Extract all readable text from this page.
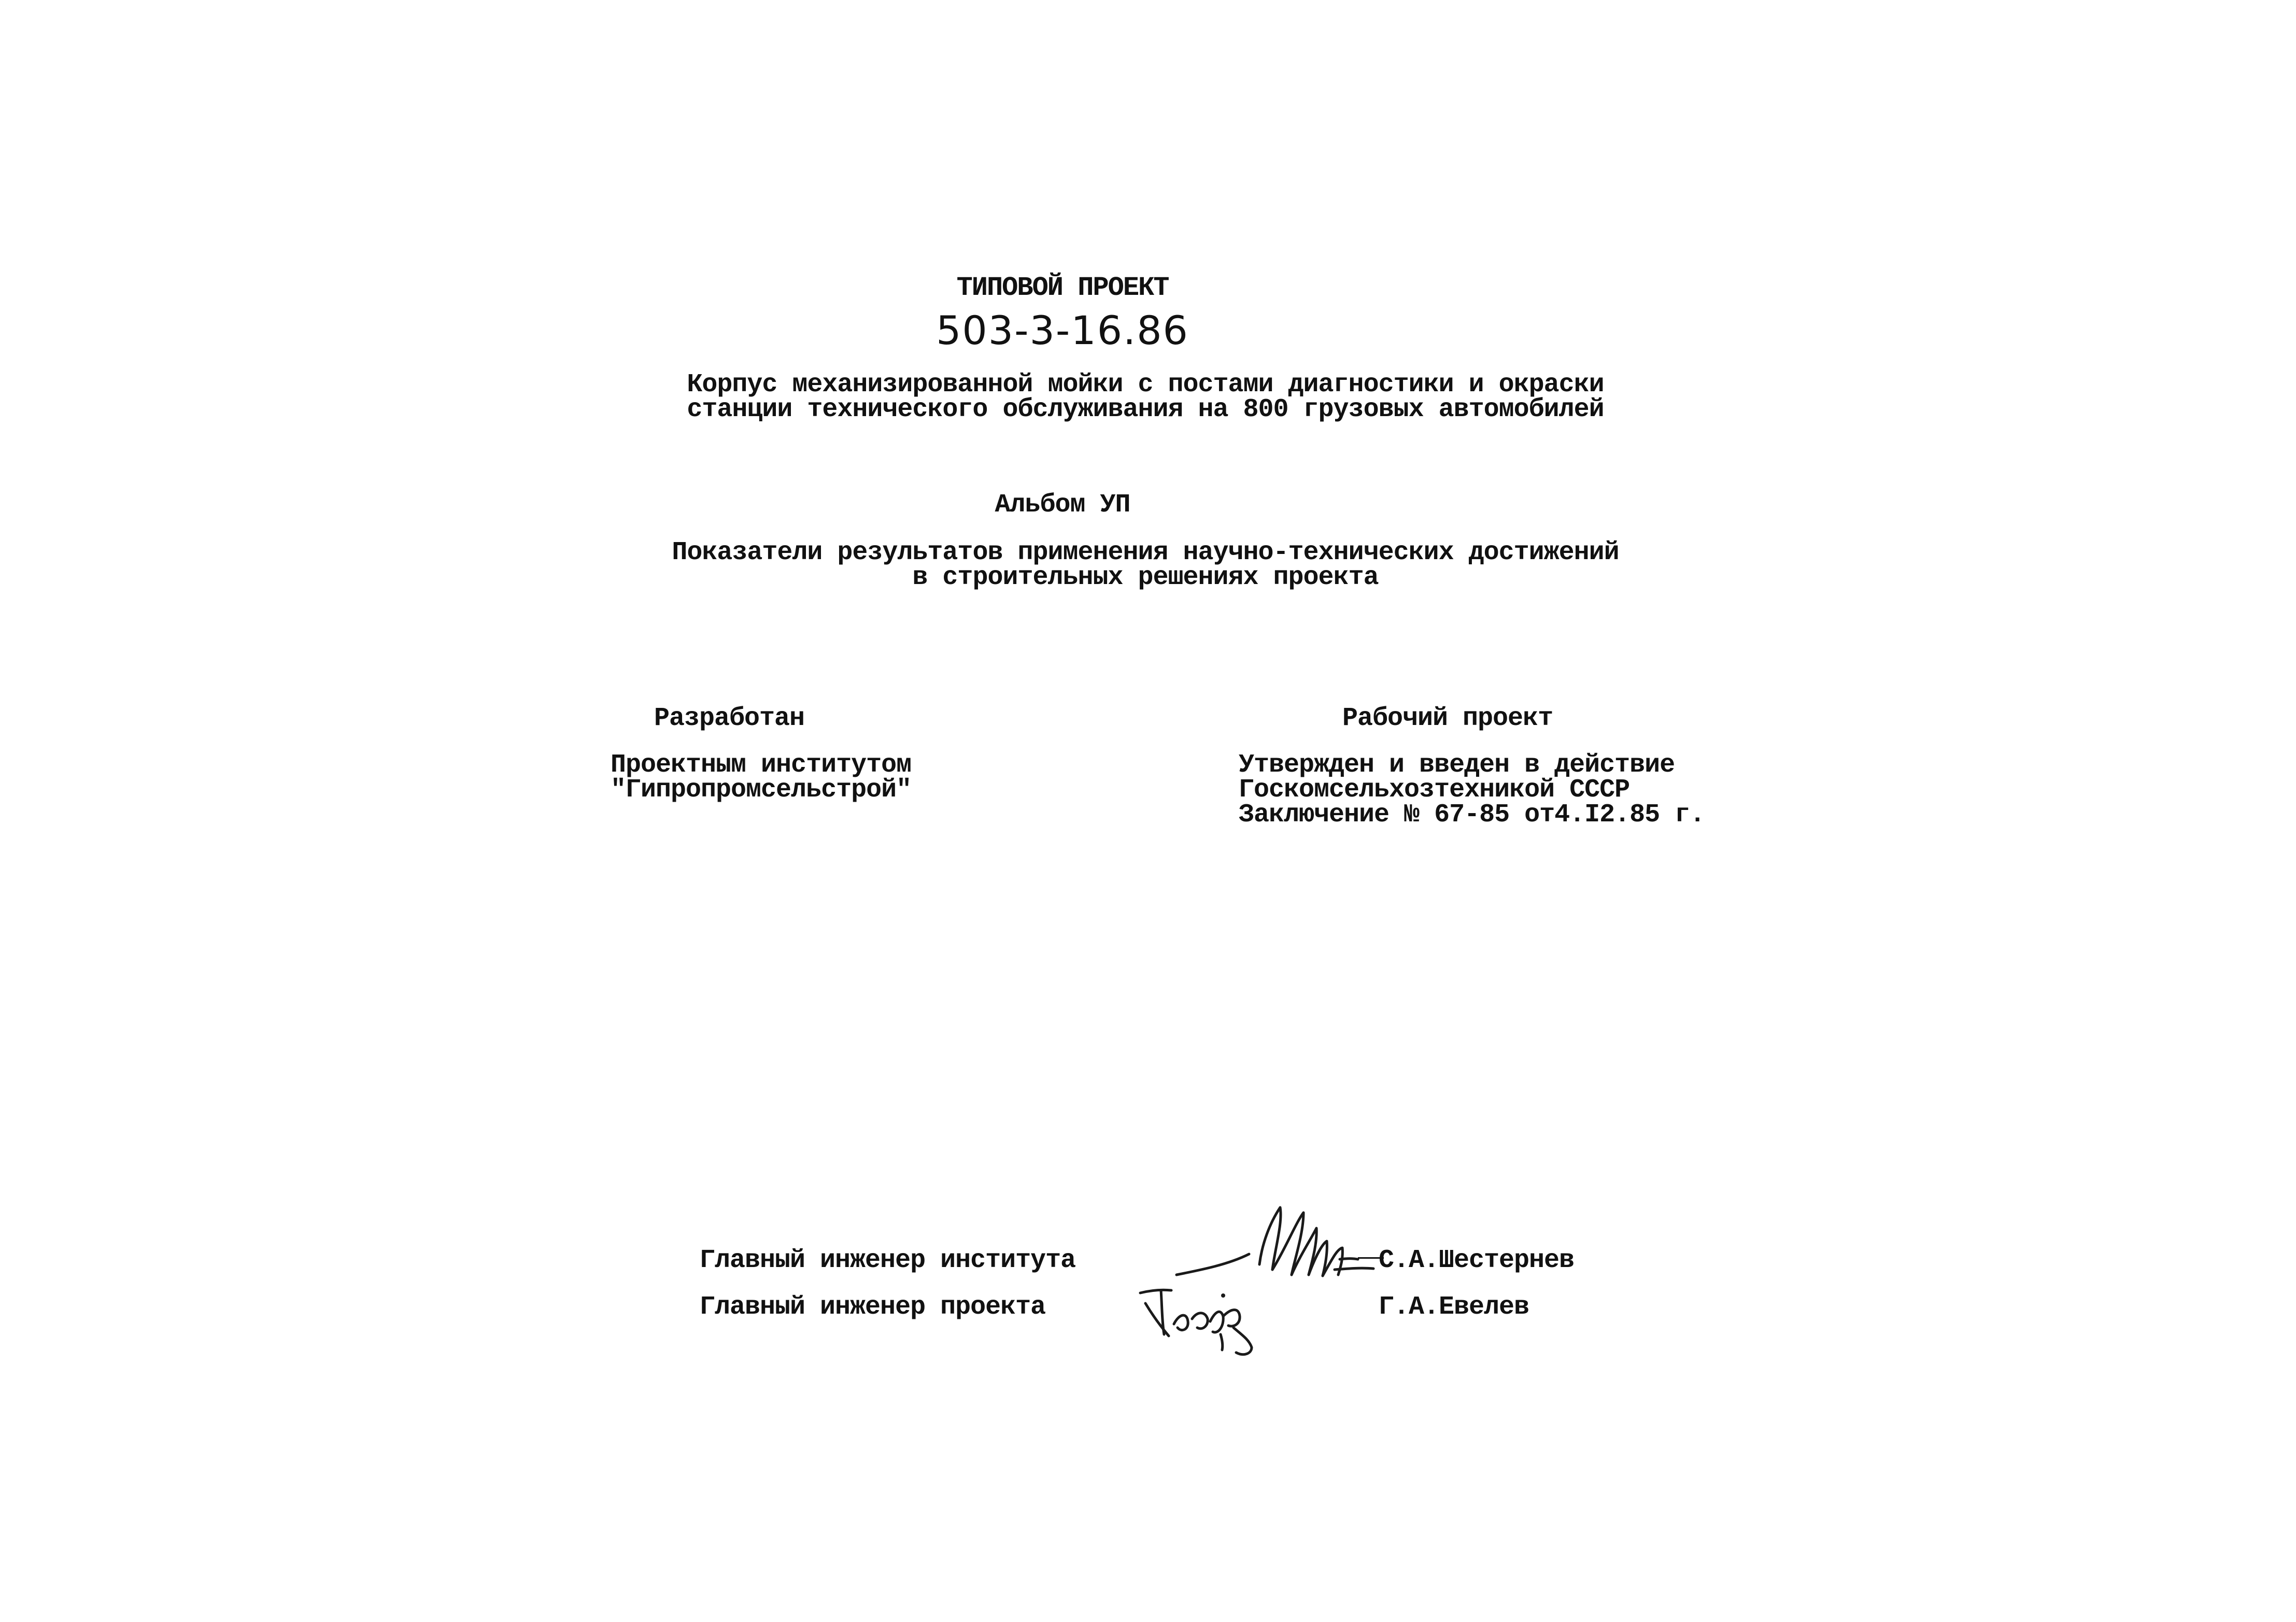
ТИПОВОЙ ПРОЕКТ
503-3-16.86
Корпус механизированной мойки с постами диагностики и окраски
станции технического обслуживания на 800 грузовых автомобилей
Альбом УП
Показатели результатов применения научно-технических достижений
в строительных решениях проекта
Разработан
Проектным институтом
"Гипропромсельстрой"
Рабочий проект
Утвержден и введен в действие
Госкомсельхозтехникой СССР
Заключение № 67-85 от4.I2.85 г.
Главный инженер института
Главный инженер проекта
С.А.Шестернев
Г.А.Евелев
